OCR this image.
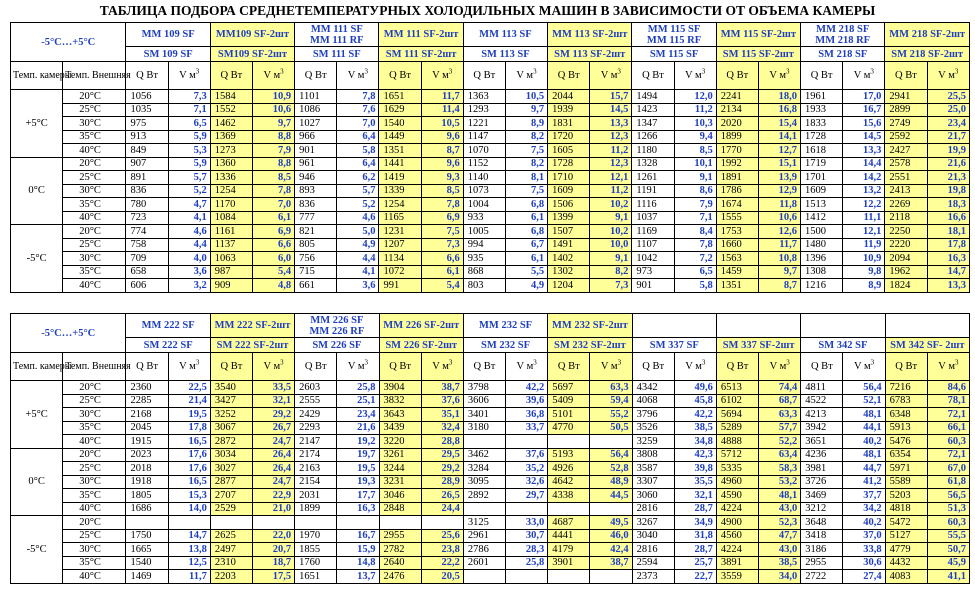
ТАБЛИЦА ПОДБОРА СРЕДНЕТЕМПЕРАТУРНЫХ ХОЛОДИЛЬНЫХ МАШИН В ЗАВИСИМОСТИ ОТ ОБЪЕМА КАМЕРЫ
-5°C…+5°C		MM 109 SF		MM109 SF-2шт		MM 111 SF
MM 111 RF		MM 111 SF-2шт		MM 113 SF		MM 113 SF-2шт		MM 115 SF
MM 115 RF		MM 115 SF-2шт		MM 218 SF
MM 218 RF		MM 218 SF-2шт	
		SM 109 SF		SM109 SF-2шт		SM 111 SF		SM 111 SF-2шт		SM 113 SF		SM 113 SF-2шт		SM 115 SF		SM 115 SF-2шт		SM 218 SF		SM 218 SF-2шт	
Темп. камеры	Темп. Внешняя	Q Вт	V $м^3$	Q Вт	V $м^3$	Q Вт	V $м^3$	Q Вт	V $м^3$	Q Вт	V $м^3$	Q Вт	V $м^3$	Q Вт	V $м^3$	Q Вт	V $м^3$	Q Вт	V $м^3$	Q Вт	V $м^3$
+5°C	20°C	1056	7,3	1584	10,9	1101	7,8	1651	11,7	1363	10,5	2044	15,7	1494	12,0	2241	18,0	1961	17,0	2941	25,5
	25°C	1035	7,1	1552	10,6	1086	7,6	1629	11,4	1293	9,7	1939	14,5	1423	11,2	2134	16,8	1933	16,7	2899	25,0
	30°C	975	6,5	1462	9,7	1027	7,0	1540	10,5	1221	8,9	1831	13,3	1347	10,3	2020	15,4	1833	15,6	2749	23,4
	35°C	913	5,9	1369	8,8	966	6,4	1449	9,6	1147	8,2	1720	12,3	1266	9,4	1899	14,1	1728	14,5	2592	21,7
	40°C	849	5,3	1273	7,9	901	5,8	1351	8,7	1070	7,5	1605	11,2	1180	8,5	1770	12,7	1618	13,3	2427	19,9
0°C	20°C	907	5,9	1360	8,8	961	6,4	1441	9,6	1152	8,2	1728	12,3	1328	10,1	1992	15,1	1719	14,4	2578	21,6
	25°C	891	5,7	1336	8,5	946	6,2	1419	9,3	1140	8,1	1710	12,1	1261	9,1	1891	13,9	1701	14,2	2551	21,3
	30°C	836	5,2	1254	7,8	893	5,7	1339	8,5	1073	7,5	1609	11,2	1191	8,6	1786	12,9	1609	13,2	2413	19,8
	35°C	780	4,7	1170	7,0	836	5,2	1254	7,8	1004	6,8	1506	10,2	1116	7,9	1674	11,8	1513	12,2	2269	18,3
	40°C	723	4,1	1084	6,1	777	4,6	1165	6,9	933	6,1	1399	9,1	1037	7,1	1555	10,6	1412	11,1	2118	16,6
-5°C	20°C	774	4,6	1161	6,9	821	5,0	1231	7,5	1005	6,8	1507	10,2	1169	8,4	1753	12,6	1500	12,1	2250	18,1
	25°C	758	4,4	1137	6,6	805	4,9	1207	7,3	994	6,7	1491	10,0	1107	7,8	1660	11,7	1480	11,9	2220	17,8
	30°C	709	4,0	1063	6,0	756	4,4	1134	6,6	935	6,1	1402	9,1	1042	7,2	1563	10,8	1396	10,9	2094	16,3
	35°C	658	3,6	987	5,4	715	4,1	1072	6,1	868	5,5	1302	8,2	973	6,5	1459	9,7	1308	9,8	1962	14,7
	40°C	606	3,2	909	4,8	661	3,6	991	5,4	803	4,9	1204	7,3	901	5,8	1351	8,7	1216	8,9	1824	13,3
-5°C…+5°C		MM 222 SF		MM 222 SF-2шт		MM 226 SF
MM 226 RF		MM 226 SF-2шт		MM 232 SF		MM 232 SF-2шт									
		SM 222 SF		SM 222 SF-2шт		SM 226 SF		SM 226 SF-2шт		SM 232 SF		SM 232 SF-2шт		SM 337 SF		SM 337 SF-2шт		SM 342 SF		SM 342 SF- 2шт	
Темп. камеры	Темп. Внешняя	Q Вт	V $м^3$	Q Вт	V $м^3$	Q Вт	V $м^3$	Q Вт	V $м^3$	Q Вт	V $м^3$	Q Вт	V $м^3$	Q Вт	V $м^3$	Q Вт	V $м^3$	Q Вт	V $м^3$	Q Вт	V $м^3$
+5°C	20°C	2360	22,5	3540	33,5	2603	25,8	3904	38,7	3798	42,2	5697	63,3	4342	49,6	6513	74,4	4811	56,4	7216	84,6
	25°C	2285	21,4	3427	32,1	2555	25,1	3832	37,6	3606	39,6	5409	59,4	4068	45,8	6102	68,7	4522	52,1	6783	78,1
	30°C	2168	19,5	3252	29,2	2429	23,4	3643	35,1	3401	36,8	5101	55,2	3796	42,2	5694	63,3	4213	48,1	6348	72,1
	35°C	2045	17,8	3067	26,7	2293	21,6	3439	32,4	3180	33,7	4770	50,5	3526	38,5	5289	57,7	3942	44,1	5913	66,1
	40°C	1915	16,5	2872	24,7	2147	19,2	3220	28,8					3259	34,8	4888	52,2	3651	40,2	5476	60,3
0°C	20°C	2023	17,6	3034	26,4	2174	19,7	3261	29,5	3462	37,6	5193	56,4	3808	42,3	5712	63,4	4236	48,1	6354	72,1
	25°C	2018	17,6	3027	26,4	2163	19,5	3244	29,2	3284	35,2	4926	52,8	3587	39,8	5335	58,3	3981	44,7	5971	67,0
	30°C	1918	16,5	2877	24,7	2154	19,3	3231	28,9	3095	32,6	4642	48,9	3307	35,5	4960	53,2	3726	41,2	5589	61,8
	35°C	1805	15,3	2707	22,9	2031	17,7	3046	26,5	2892	29,7	4338	44,5	3060	32,1	4590	48,1	3469	37,7	5203	56,5
	40°C	1686	14,0	2529	21,0	1899	16,3	2848	24,4					2816	28,7	4224	43,0	3212	34,2	4818	51,3
-5°C	20°C									3125	33,0	4687	49,5	3267	34,9	4900	52,3	3648	40,2	5472	60,3
	25°C	1750	14,7	2625	22,0	1970	16,7	2955	25,6	2961	30,7	4441	46,0	3040	31,8	4560	47,7	3418	37,0	5127	55,5
	30°C	1665	13,8	2497	20,7	1855	15,9	2782	23,8	2786	28,3	4179	42,4	2816	28,7	4224	43,0	3186	33,8	4779	50,7
	35°C	1540	12,5	2310	18,7	1760	14,8	2640	22,2	2601	25,8	3901	38,7	2594	25,7	3891	38,5	2955	30,6	4432	45,9
	40°C	1469	11,7	2203	17,5	1651	13,7	2476	20,5					2373	22,7	3559	34,0	2722	27,4	4083	41,1
